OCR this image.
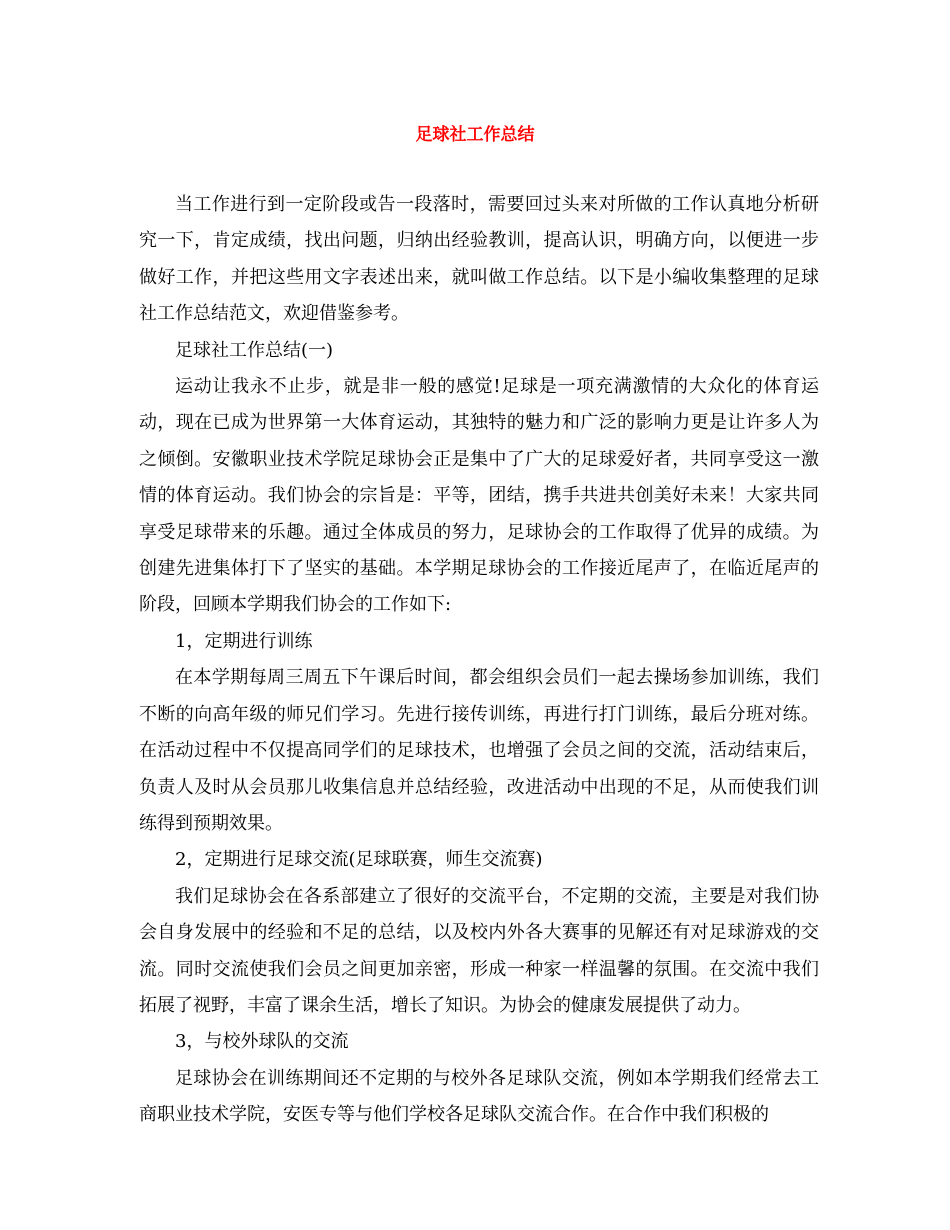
足球社工作总结

当工作进行到一定阶段或告一段落时，需要回过头来对所做的工作认真地分析研究一下，肯定成绩，找出问题，归纳出经验教训，提高认识，明确方向，以便进一步做好工作，并把这些用文字表述出来，就叫做工作总结。以下是小编收集整理的足球社工作总结范文，欢迎借鉴参考。

足球社工作总结(一)

运动让我永不止步，就是非一般的感觉!足球是一项充满激情的大众化的体育运动，现在已成为世界第一大体育运动，其独特的魅力和广泛的影响力更是让许多人为之倾倒。安徽职业技术学院足球协会正是集中了广大的足球爱好者，共同享受这一激情的体育运动。我们协会的宗旨是：平等，团结，携手共进共创美好未来！大家共同享受足球带来的乐趣。通过全体成员的努力，足球协会的工作取得了优异的成绩。为创建先进集体打下了坚实的基础。本学期足球协会的工作接近尾声了，在临近尾声的阶段，回顾本学期我们协会的工作如下:

1，定期进行训练

在本学期每周三周五下午课后时间，都会组织会员们一起去操场参加训练，我们不断的向高年级的师兄们学习。先进行接传训练，再进行打门训练，最后分班对练。在活动过程中不仅提高同学们的足球技术，也增强了会员之间的交流，活动结束后，负责人及时从会员那儿收集信息并总结经验，改进活动中出现的不足，从而使我们训练得到预期效果。

2，定期进行足球交流(足球联赛，师生交流赛)

我们足球协会在各系部建立了很好的交流平台，不定期的交流，主要是对我们协会自身发展中的经验和不足的总结，以及校内外各大赛事的见解还有对足球游戏的交流。同时交流使我们会员之间更加亲密，形成一种家一样温馨的氛围。在交流中我们拓展了视野，丰富了课余生活，增长了知识。为协会的健康发展提供了动力。

3，与校外球队的交流

足球协会在训练期间还不定期的与校外各足球队交流，例如本学期我们经常去工商职业技术学院，安医专等与他们学校各足球队交流合作。在合作中我们积极的
